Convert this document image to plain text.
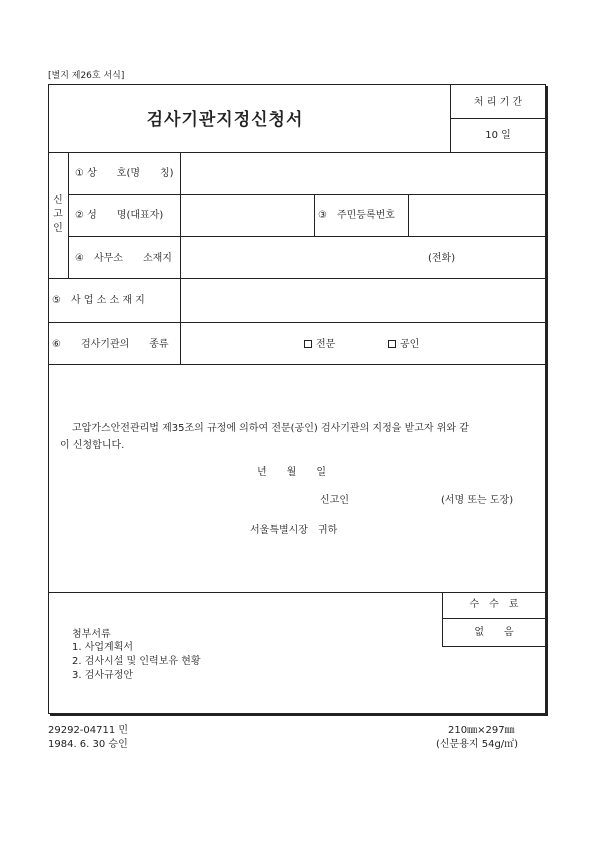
[별지 제26호 서식]
검사기관지정신청서
처 리 기 간
10 일
신
고
인
① 상　　호(명　　칭)
② 성　　명(대표자)	③　주민등록번호
④　사무소　　소재지	(전화)
⑤　사 업 소 소 재 지
⑥　　검사기관의　　종류	전문	공인
고압가스안전관리법 제35조의 규정에 의하여 전문(공인) 검사기관의 지정을 받고자 위와 같
이 신청합니다.
년　　월　　일
신고인	(서명 또는 도장)
서울특별시장　귀하
수　수　료
없　　음
첨부서류
1. 사업계획서
2. 검사시설 및 인력보유 현황
3. 검사규정안
29292-04711 민
1984. 6. 30 승인
210㎜×297㎜
(신문용지 54g/㎡)
